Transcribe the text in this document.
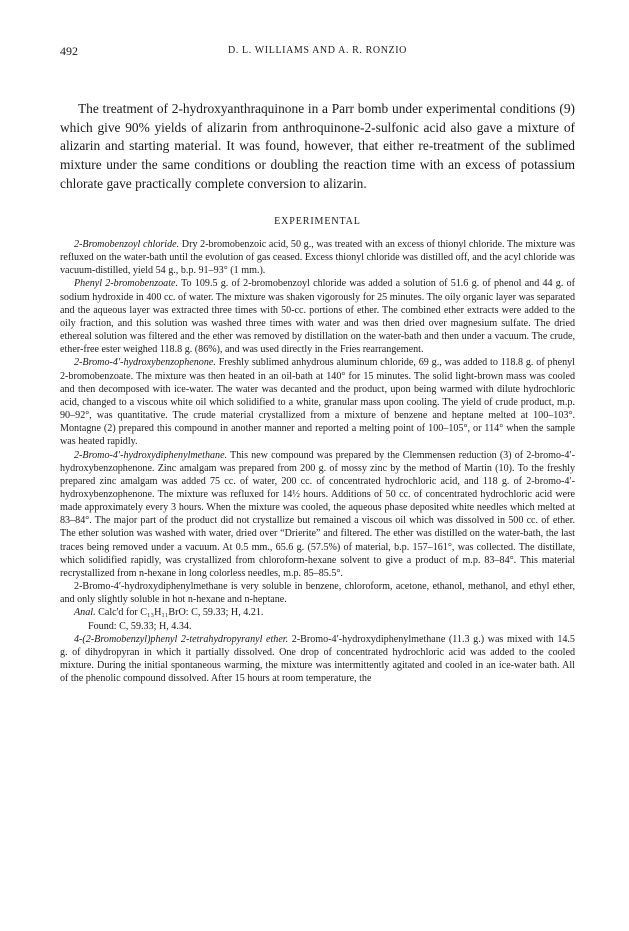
492	D. L. WILLIAMS AND A. R. RONZIO

The treatment of 2-hydroxyanthraquinone in a Parr bomb under experimental conditions (9) which give 90% yields of alizarin from anthroquinone-2-sulfonic acid also gave a mixture of alizarin and starting material. It was found, however, that either re-treatment of the sublimed mixture under the same conditions or doubling the reaction time with an excess of potassium chlorate gave practically complete conversion to alizarin.

EXPERIMENTAL

2-Bromobenzoyl chloride. Dry 2-bromobenzoic acid, 50 g., was treated with an excess of thionyl chloride. The mixture was refluxed on the water-bath until the evolution of gas ceased. Excess thionyl chloride was distilled off, and the acyl chloride was vacuum-distilled, yield 54 g., b.p. 91–93° (1 mm.).

Phenyl 2-bromobenzoate. To 109.5 g. of 2-bromobenzoyl chloride was added a solution of 51.6 g. of phenol and 44 g. of sodium hydroxide in 400 cc. of water. The mixture was shaken vigorously for 25 minutes. The oily organic layer was separated and the aqueous layer was extracted three times with 50-cc. portions of ether. The combined ether extracts were added to the oily fraction, and this solution was washed three times with water and was then dried over magnesium sulfate. The dried ethereal solution was filtered and the ether was removed by distillation on the water-bath and then under a vacuum. The crude, ether-free ester weighed 118.8 g. (86%), and was used directly in the Fries rearrangement.

2-Bromo-4′-hydroxybenzophenone. Freshly sublimed anhydrous aluminum chloride, 69 g., was added to 118.8 g. of phenyl 2-bromobenzoate. The mixture was then heated in an oil-bath at 140° for 15 minutes. The solid light-brown mass was cooled and then decomposed with ice-water. The water was decanted and the product, upon being warmed with dilute hydrochloric acid, changed to a viscous white oil which solidified to a white, granular mass upon cooling. The yield of crude product, m.p. 90–92°, was quantitative. The crude material crystallized from a mixture of benzene and heptane melted at 100–103°. Montagne (2) prepared this compound in another manner and reported a melting point of 100–105°, or 114° when the sample was heated rapidly.

2-Bromo-4′-hydroxydiphenylmethane. This new compound was prepared by the Clemmensen reduction (3) of 2-bromo-4′-hydroxybenzophenone. Zinc amalgam was prepared from 200 g. of mossy zinc by the method of Martin (10). To the freshly prepared zinc amalgam was added 75 cc. of water, 200 cc. of concentrated hydrochloric acid, and 118 g. of 2-bromo-4′-hydroxybenzophenone. The mixture was refluxed for 14½ hours. Additions of 50 cc. of concentrated hydrochloric acid were made approximately every 3 hours. When the mixture was cooled, the aqueous phase deposited white needles which melted at 83–84°. The major part of the product did not crystallize but remained a viscous oil which was dissolved in 500 cc. of ether. The ether solution was washed with water, dried over “Drierite” and filtered. The ether was distilled on the water-bath, the last traces being removed under a vacuum. At 0.5 mm., 65.6 g. (57.5%) of material, b.p. 157–161°, was collected. The distillate, which solidified rapidly, was crystallized from chloroform-hexane solvent to give a product of m.p. 83–84°. This material recrystallized from n-hexane in long colorless needles, m.p. 85–85.5°.

2-Bromo-4′-hydroxydiphenylmethane is very soluble in benzene, chloroform, acetone, ethanol, methanol, and ethyl ether, and only slightly soluble in hot n-hexane and n-heptane.

Anal. Calc'd for C₁₃H₁₁BrO: C, 59.33; H, 4.21.

Found: C, 59.33; H, 4.34.

4-(2-Bromobenzyl)phenyl 2-tetrahydropyranyl ether. 2-Bromo-4′-hydroxydiphenylmethane (11.3 g.) was mixed with 14.5 g. of dihydropyran in which it partially dissolved. One drop of concentrated hydrochloric acid was added to the cooled mixture. During the initial spontaneous warming, the mixture was intermittently agitated and cooled in an ice-water bath. All of the phenolic compound dissolved. After 15 hours at room temperature, the
